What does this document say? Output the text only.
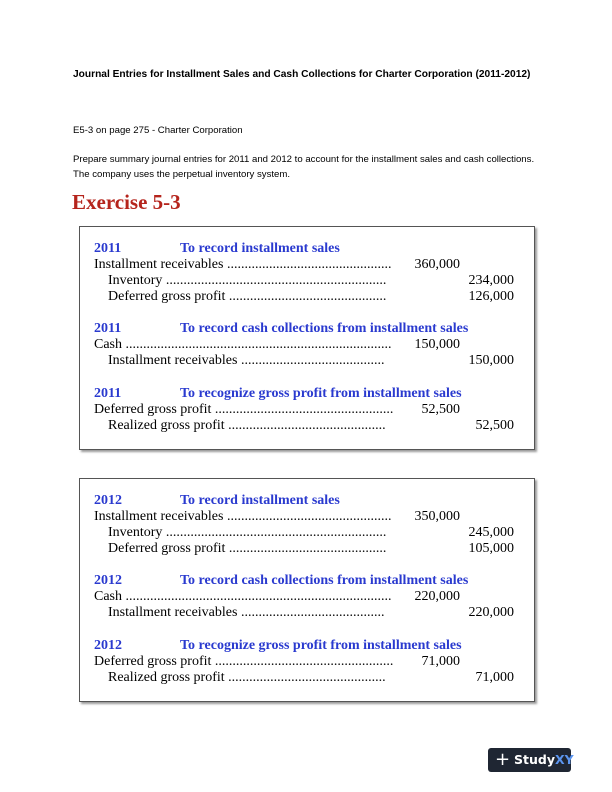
Journal Entries for Installment Sales and Cash Collections for Charter Corporation (2011-2012)
E5-3 on page 275 - Charter Corporation
Prepare summary journal entries for 2011 and 2012 to account for the installment sales and cash collections. The company uses the perpetual inventory system.
Exercise 5-3
2011	To record installment sales
Installment receivables ...............................................	360,000
Inventory ...............................................................	234,000
Deferred gross profit .............................................	126,000
2011	To record cash collections from installment sales
Cash ............................................................................	150,000
Installment receivables .........................................	150,000
2011	To recognize gross profit from installment sales
Deferred gross profit ...................................................	52,500
Realized gross profit .............................................	52,500
2012	To record installment sales
Installment receivables ...............................................	350,000
Inventory ...............................................................	245,000
Deferred gross profit .............................................	105,000
2012	To record cash collections from installment sales
Cash ............................................................................	220,000
Installment receivables .........................................	220,000
2012	To recognize gross profit from installment sales
Deferred gross profit ...................................................	71,000
Realized gross profit .............................................	71,000
+ StudyXY
